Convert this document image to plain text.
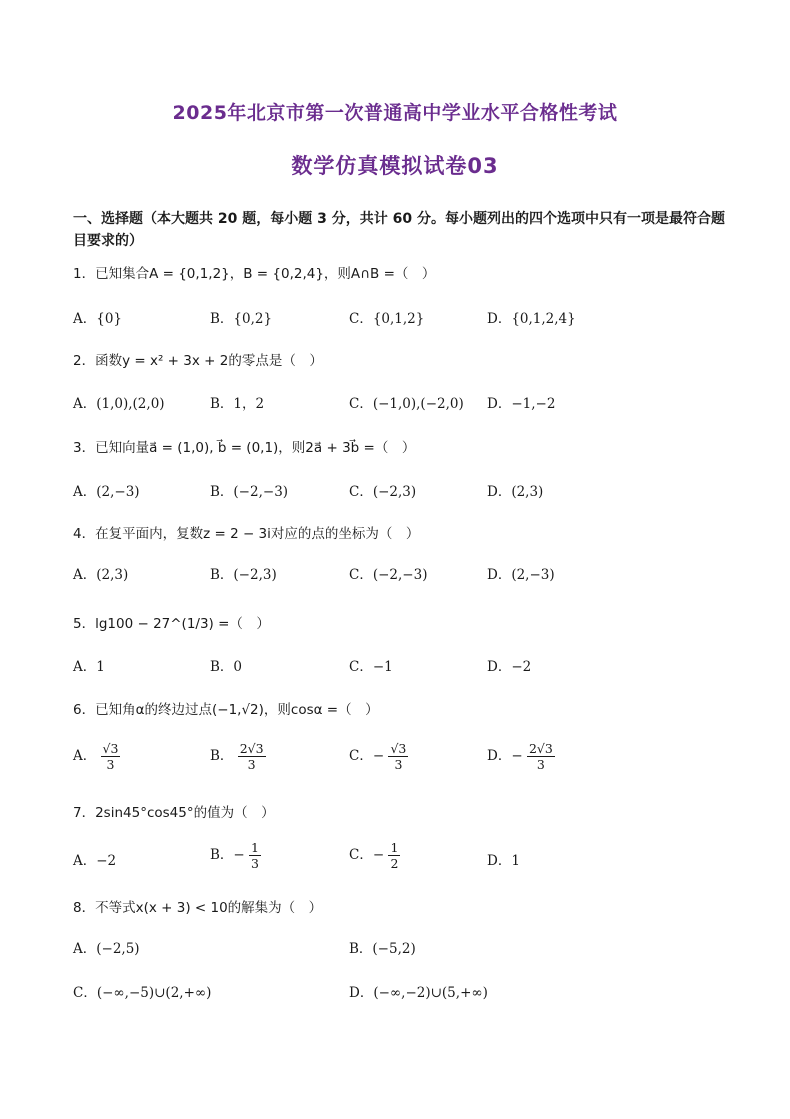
2025年北京市第一次普通高中学业水平合格性考试
数学仿真模拟试卷03
一、选择题（本大题共 20 题，每小题 3 分，共计 60 分。每小题列出的四个选项中只有一项是最符合题目要求的）
1．已知集合A = {0,1,2}，B = {0,2,4}，则A∩B =（　）
A．{0}	B．{0,2}	C．{0,1,2}	D．{0,1,2,4}
2．函数y = x² + 3x + 2的零点是（　）
A．(1,0),(2,0)	B．1，2	C．(−1,0),(−2,0) D．−1,−2
3．已知向量a⃗ = (1,0), b⃗ = (0,1)，则2a⃗ + 3b⃗ =（　）
A．(2,−3)	B．(−2,−3)	C．(−2,3)	D．(2,3)
4．在复平面内，复数z = 2 − 3i对应的点的坐标为（　）
A．(2,3)	B．(−2,3)	C．(−2,−3)	D．(2,−3)
5．lg100 − 27^(1/3) =（　）
A．1	B．0	C．−1	D．−2
6．已知角α的终边过点(−1,√2)，则cosα =（　）
A． $\frac{√3}{3}$	B． $\frac{2√3}{3}$	C．− $\frac{√3}{3}$	D．− $\frac{2√3}{3}$
7．2sin45°cos45°的值为（　）
A．−2	B．− $\frac{1}{3}$	C．− $\frac{1}{2}$	D．1
8．不等式x(x + 3) < 10的解集为（　）
A．(−2,5)	B．(−5,2)
C．(−∞,−5)∪(2,+∞)	D．(−∞,−2)∪(5,+∞)
